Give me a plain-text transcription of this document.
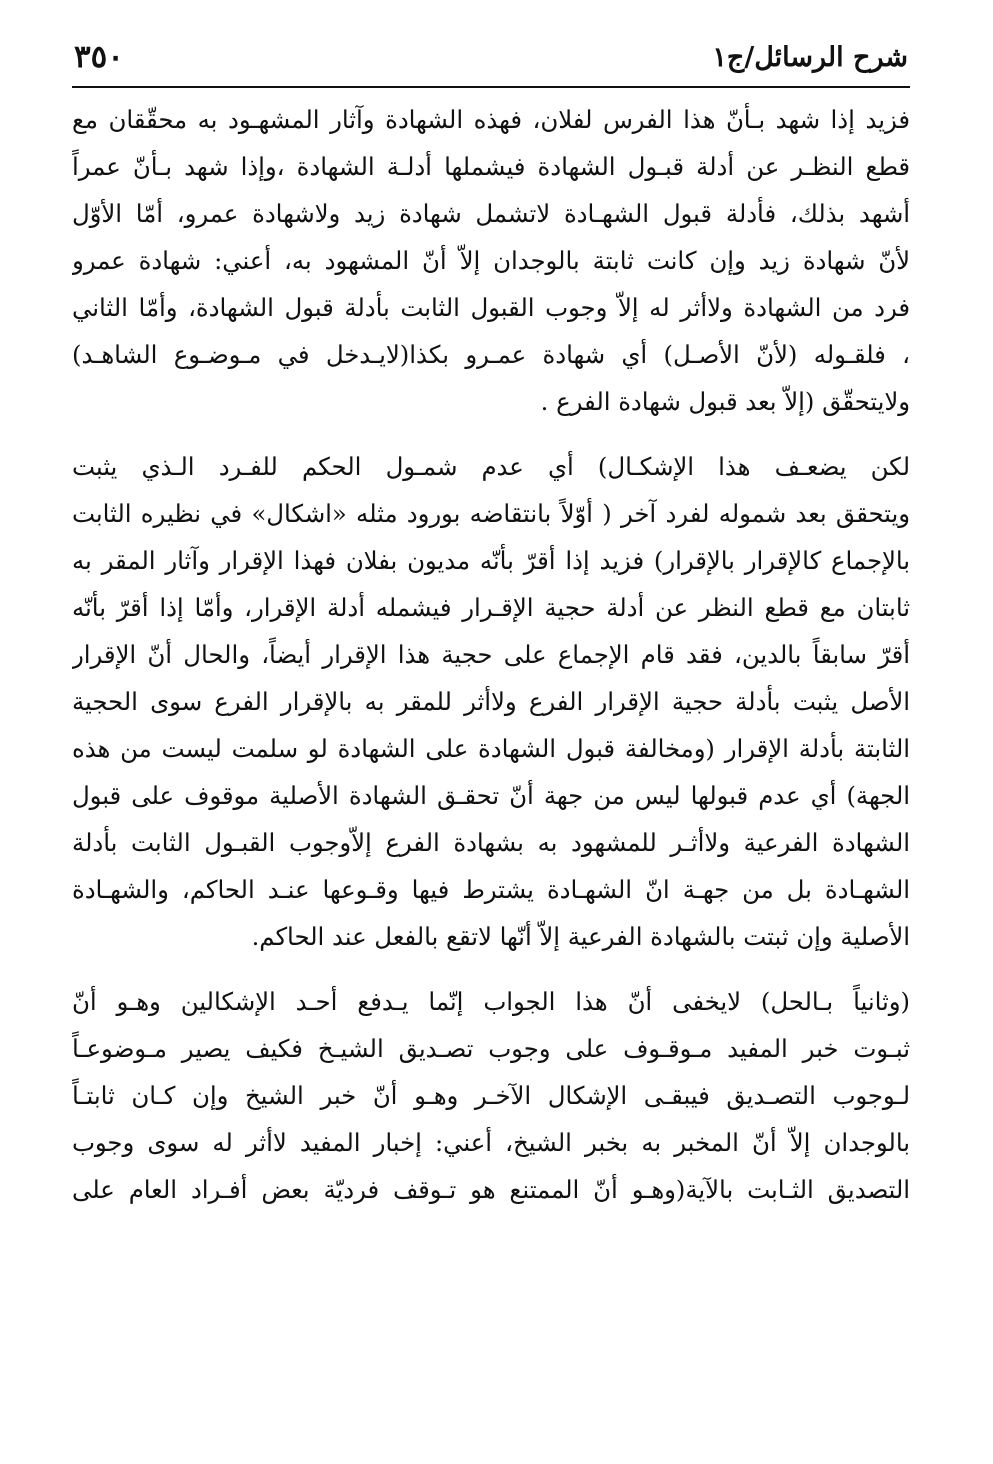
شرح الرسائل/ج١
٣٥٠

فزيد إذا شهد بـأنّ هذا الفرس لفلان، فهذه الشهادة وآثار المشهـود به محقّقان مع
قطع النظـر عن أدلة قبـول الشهادة فيشملها أدلـة الشهادة ،وإذا شهد بـأنّ عمراً
أشهد بذلك، فأدلة قبول الشهـادة لاتشمل شهادة زيد ولاشهادة عمرو، أمّا الأوّل
لأنّ شهادة زيد وإن كانت ثابتة بالوجدان إلاّ أنّ المشهود به، أعني: شهادة عمرو
فرد من الشهادة ولاأثر له إلاّ وجوب القبول الثابت بأدلة قبول الشهادة، وأمّا الثاني
، فلقـوله (لأنّ الأصـل) أي شهادة عمـرو بكذا(لايـدخل في مـوضـوع الشاهـد)
ولايتحقّق (إلاّ بعد قبول شهادة الفرع .

لكن يضعـف هذا الإشكـال) أي عدم شمـول الحكم للفـرد الـذي يثبت
ويتحقق بعد شموله لفرد آخر ( أوّلاً بانتقاضه بورود مثله «اشكال» في نظيره الثابت
بالإجماع كالإقرار بالإقرار) فزيد إذا أقرّ بأنّه مديون بفلان فهذا الإقرار وآثار المقر به
ثابتان مع قطع النظر عن أدلة حجية الإقـرار فيشمله أدلة الإقرار، وأمّا إذا أقرّ بأنّه
أقرّ سابقاً بالدين، فقد قام الإجماع على حجية هذا الإقرار أيضاً، والحال أنّ الإقرار
الأصل يثبت بأدلة حجية الإقرار الفرع ولاأثر للمقر به بالإقرار الفرع سوى الحجية
الثابتة بأدلة الإقرار (ومخالفة قبول الشهادة على الشهادة لو سلمت ليست من هذه
الجهة) أي عدم قبولها ليس من جهة أنّ تحقـق الشهادة الأصلية موقوف على قبول
الشهادة الفرعية ولاأثـر للمشهود به بشهادة الفرع إلاّوجوب القبـول الثابت بأدلة
الشهـادة بل من جهـة انّ الشهـادة يشترط فيها وقـوعها عنـد الحاكم، والشهـادة
الأصلية وإن ثبتت بالشهادة الفرعية إلاّ أنّها لاتقع بالفعل عند الحاكم.

(وثانياً بـالحل) لايخفى أنّ هذا الجواب إنّما يـدفع أحـد الإشكالين وهـو أنّ
ثبـوت خبر المفيد مـوقـوف على وجوب تصـديق الشيـخ فكيف يصير مـوضوعـاً
لـوجوب التصـديق فيبقـى الإشكال الآخـر وهـو أنّ خبر الشيخ وإن كـان ثابتـاً
بالوجدان إلاّ أنّ المخبر به بخبر الشيخ، أعني: إخبار المفيد لاأثر له سوى وجوب
التصديق الثـابت بالآية(وهـو أنّ الممتنع هو تـوقف فرديّة بعض أفـراد العام على
